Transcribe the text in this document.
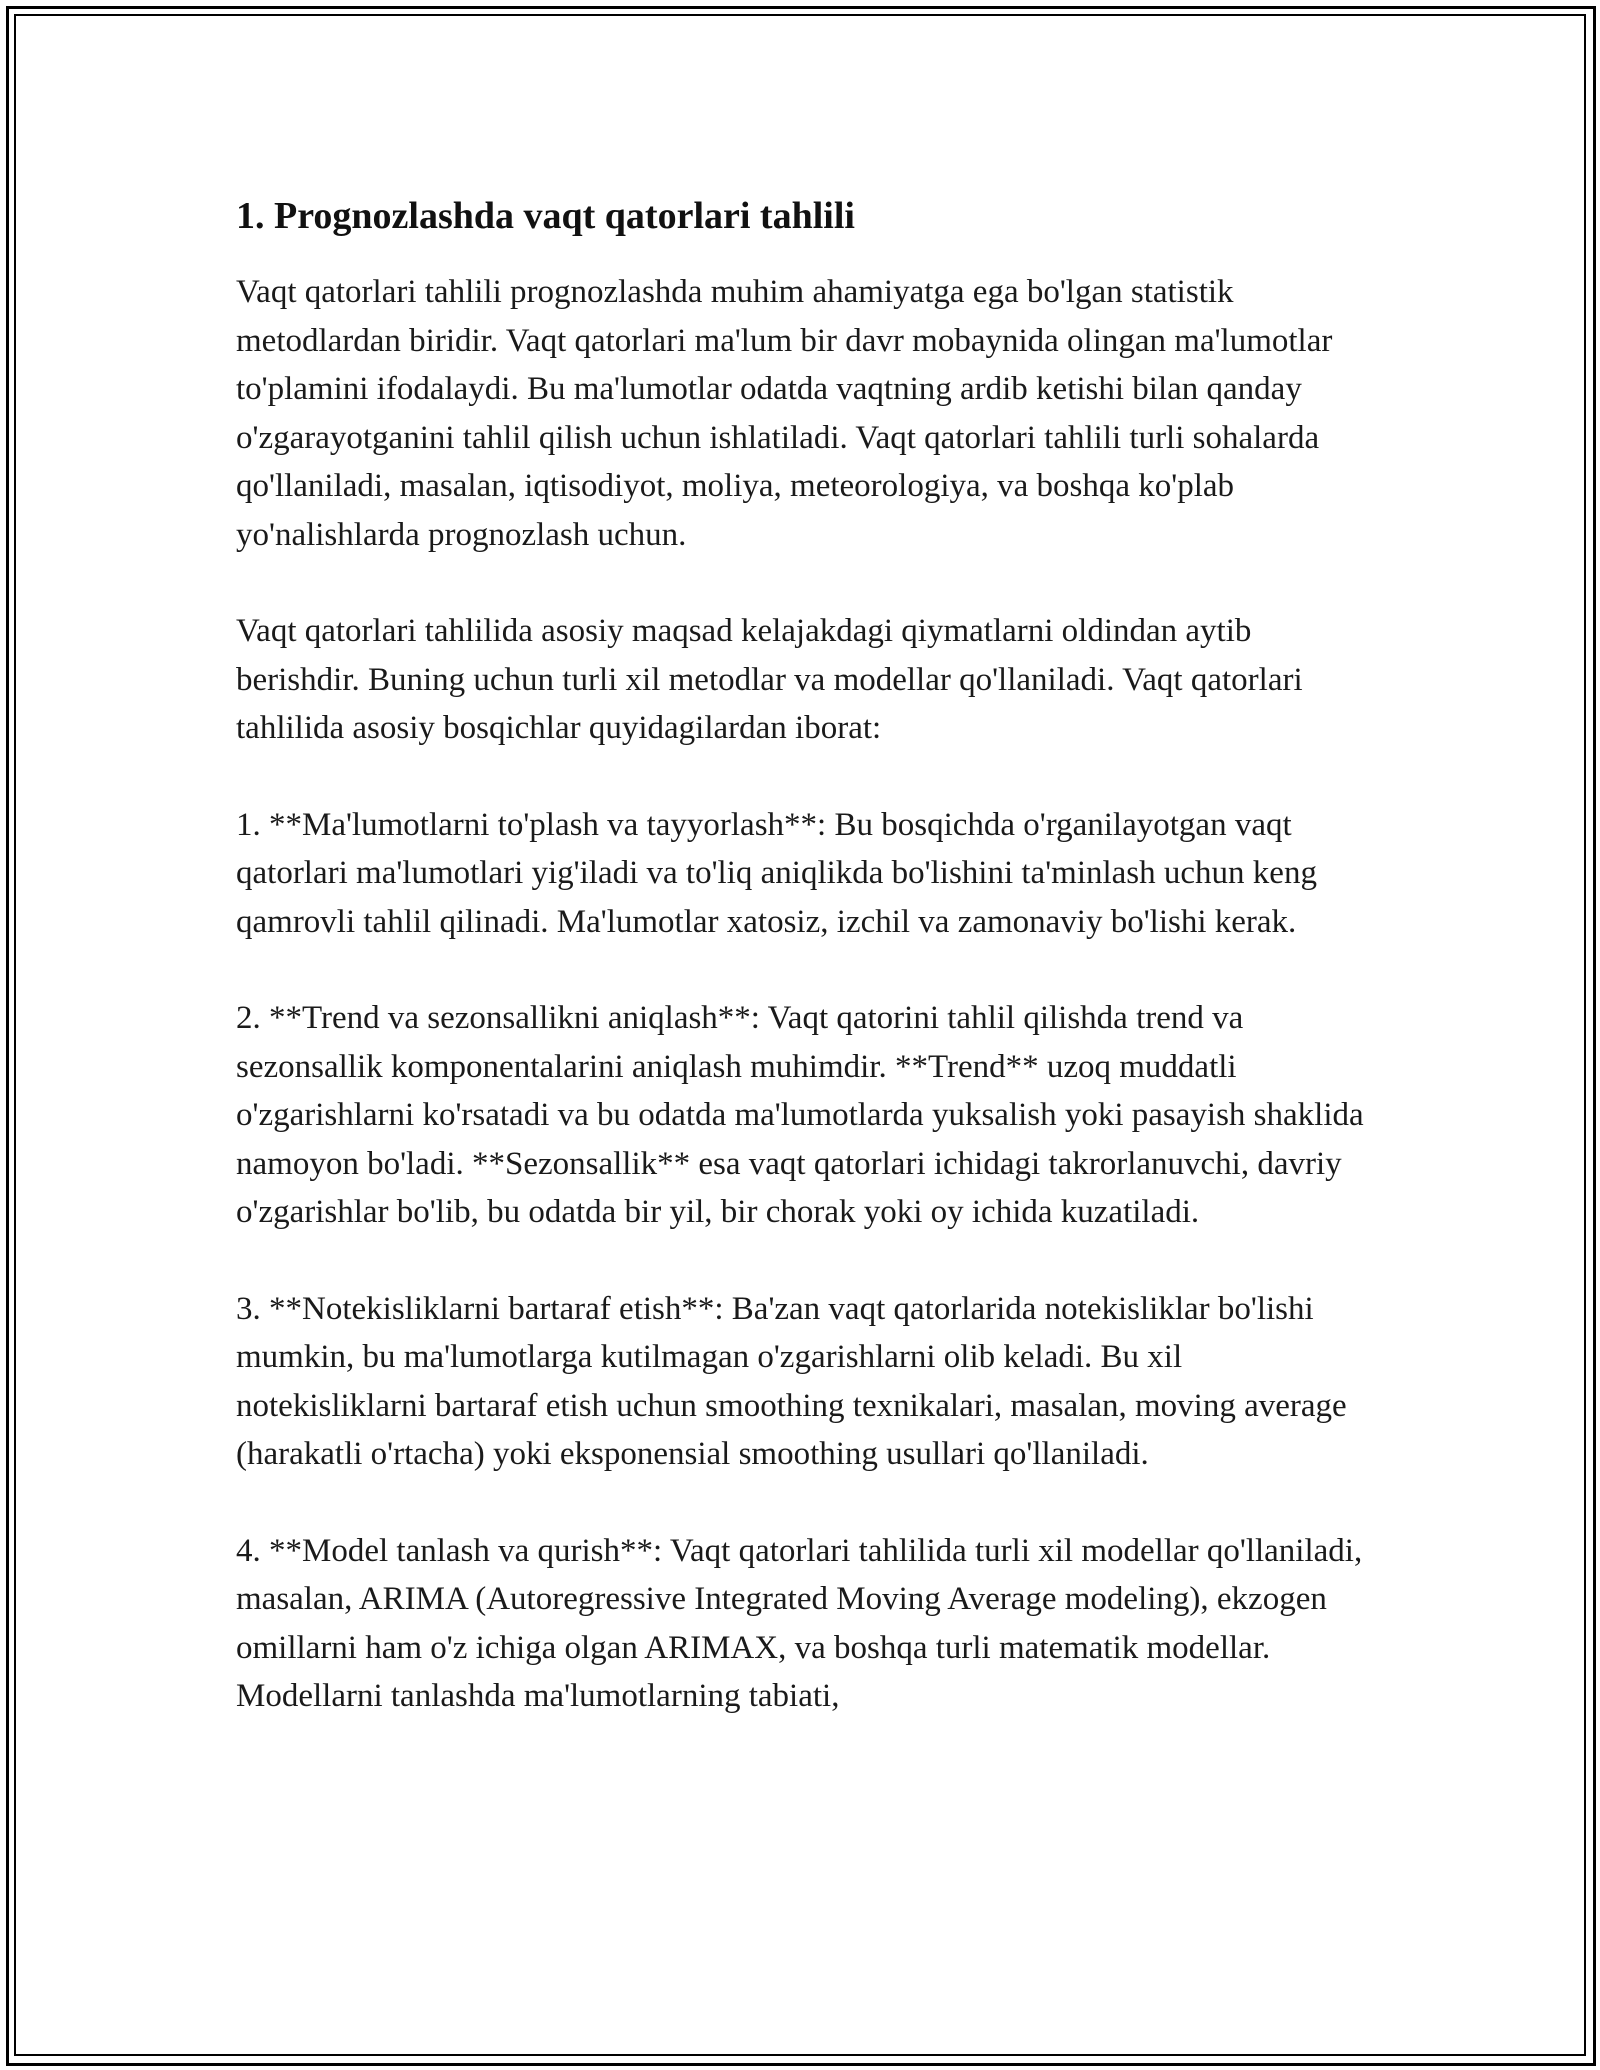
1. Prognozlashda vaqt qatorlari tahlili

Vaqt qatorlari tahlili prognozlashda muhim ahamiyatga ega bo'lgan statistik metodlardan biridir. Vaqt qatorlari ma'lum bir davr mobaynida olingan ma'lumotlar to'plamini ifodalaydi. Bu ma'lumotlar odatda vaqtning ardib ketishi bilan qanday o'zgarayotganini tahlil qilish uchun ishlatiladi. Vaqt qatorlari tahlili turli sohalarda qo'llaniladi, masalan, iqtisodiyot, moliya, meteorologiya, va boshqa ko'plab yo'nalishlarda prognozlash uchun.

Vaqt qatorlari tahlilida asosiy maqsad kelajakdagi qiymatlarni oldindan aytib berishdir. Buning uchun turli xil metodlar va modellar qo'llaniladi. Vaqt qatorlari tahlilida asosiy bosqichlar quyidagilardan iborat:

1. **Ma'lumotlarni to'plash va tayyorlash**: Bu bosqichda o'rganilayotgan vaqt qatorlari ma'lumotlari yig'iladi va to'liq aniqlikda bo'lishini ta'minlash uchun keng qamrovli tahlil qilinadi. Ma'lumotlar xatosiz, izchil va zamonaviy bo'lishi kerak.

2. **Trend va sezonsallikni aniqlash**: Vaqt qatorini tahlil qilishda trend va sezonsallik komponentalarini aniqlash muhimdir. **Trend** uzoq muddatli o'zgarishlarni ko'rsatadi va bu odatda ma'lumotlarda yuksalish yoki pasayish shaklida namoyon bo'ladi. **Sezonsallik** esa vaqt qatorlari ichidagi takrorlanuvchi, davriy o'zgarishlar bo'lib, bu odatda bir yil, bir chorak yoki oy ichida kuzatiladi.

3. **Notekisliklarni bartaraf etish**: Ba'zan vaqt qatorlarida notekisliklar bo'lishi mumkin, bu ma'lumotlarga kutilmagan o'zgarishlarni olib keladi. Bu xil notekisliklarni bartaraf etish uchun smoothing texnikalari, masalan, moving average (harakatli o'rtacha) yoki eksponensial smoothing usullari qo'llaniladi.

4. **Model tanlash va qurish**: Vaqt qatorlari tahlilida turli xil modellar qo'llaniladi, masalan, ARIMA (Autoregressive Integrated Moving Average modeling), ekzogen omillarni ham o'z ichiga olgan ARIMAX, va boshqa turli matematik modellar. Modellarni tanlashda ma'lumotlarning tabiati,
